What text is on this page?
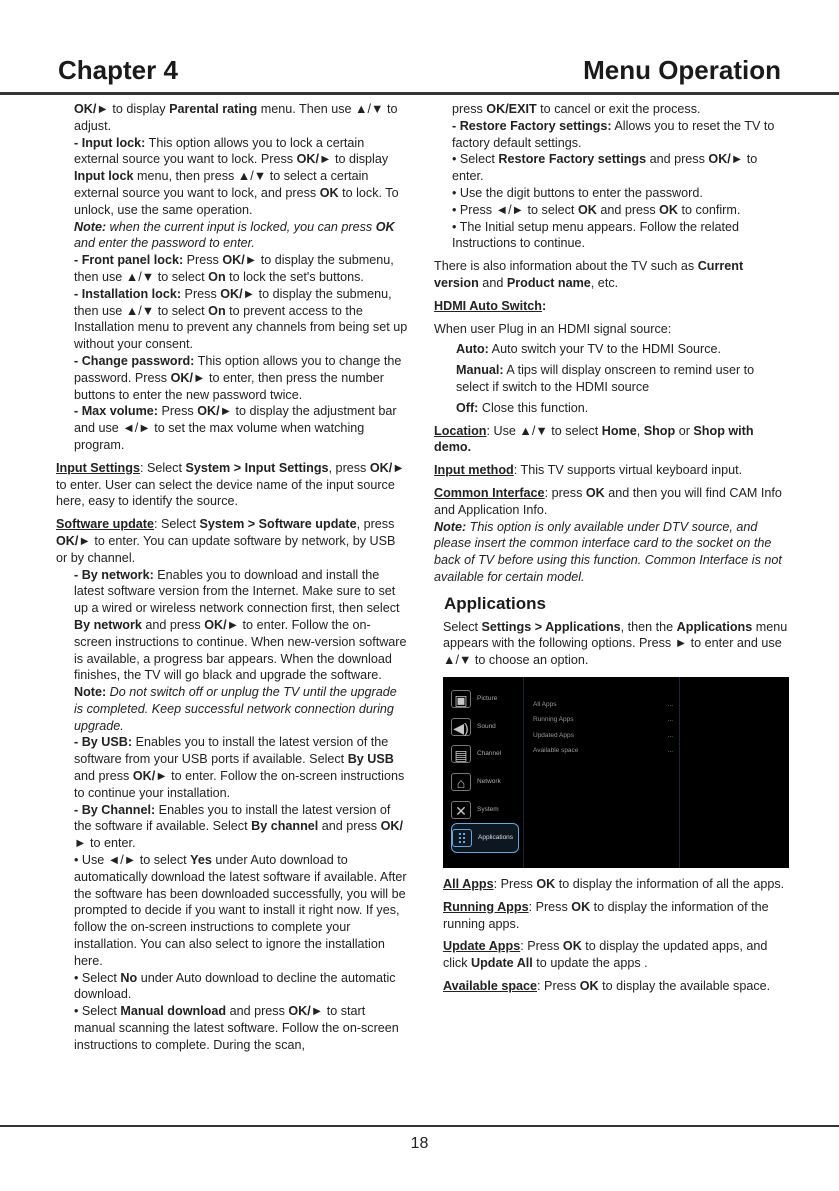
Chapter 4	Menu Operation

OK/► to display Parental rating menu. Then use ▲/▼ to adjust.

- Input lock: This option allows you to lock a certain external source you want to lock. Press OK/► to display Input lock menu, then press ▲/▼ to select a certain external source you want to lock, and press OK to lock. To unlock, use the same operation.

Note: when the current input is locked, you can press OK and enter the password to enter.

- Front panel lock: Press OK/► to display the submenu, then use ▲/▼ to select On to lock the set's buttons.

- Installation lock: Press OK/► to display the submenu, then use ▲/▼ to select On to prevent access to the Installation menu to prevent any channels from being set up without your consent.

- Change password: This option allows you to change the password. Press OK/► to enter, then press the number buttons to enter the new password twice.

- Max volume: Press OK/► to display the adjustment bar and use ◄/► to set the max volume when watching program.

Input Settings: Select System > Input Settings, press OK/► to enter. User can select the device name of the input source here, easy to identify the source.

Software update: Select System > Software update, press OK/► to enter. You can update software by network, by USB or by channel.

- By network: Enables you to download and install the latest software version from the Internet. Make sure to set up a wired or wireless network connection first, then select By network and press OK/► to enter. Follow the on-screen instructions to continue. When new-version software is available, a progress bar appears. When the download finishes, the TV will go black and upgrade the software.

Note: Do not switch off or unplug the TV until the upgrade is completed. Keep successful network connection during upgrade.

- By USB: Enables you to install the latest version of the software from your USB ports if available. Select By USB and press OK/► to enter. Follow the on-screen instructions to continue your installation.

- By Channel: Enables you to install the latest version of the software if available. Select By channel and press OK/► to enter.

• Use ◄/► to select Yes under Auto download to automatically download the latest software if available. After the software has been downloaded successfully, you will be prompted to decide if you want to install it right now. If yes, follow the on-screen instructions to complete your installation. You can also select to ignore the installation here.

• Select No under Auto download to decline the automatic download.

• Select Manual download and press OK/► to start manual scanning the latest software. Follow the on-screen instructions to complete. During the scan,

press OK/EXIT to cancel or exit the process.

- Restore Factory settings: Allows you to reset the TV to factory default settings.

• Select Restore Factory settings and press OK/► to enter.

• Use the digit buttons to enter the password.

• Press ◄/► to select OK and press OK to confirm.

• The Initial setup menu appears. Follow the related Instructions to continue.

There is also information about the TV such as Current version and Product name, etc.

HDMI Auto Switch:

When user Plug in an HDMI signal source:

Auto: Auto switch your TV to the HDMI Source.

Manual: A tips will display onscreen to remind user to select if switch to the HDMI source

Off: Close this function.

Location: Use ▲/▼ to select Home, Shop or Shop with demo.

Input method: This TV supports virtual keyboard input.

Common Interface: press OK and then you will find CAM Info and Application Info.

Note: This option is only available under DTV source, and please insert the common interface card to the socket on the back of TV before using this function. Common Interface is not available for certain model.

Applications

Select Settings > Applications, then the Applications menu appears with the following options. Press ► to enter and use ▲/▼ to choose an option.

▣	Picture
◀)	Sound
▤	Channel
⌂	Network
✕	System
⠿	Applications
All Apps	...
Running Apps	...
Updated Apps	...
Available space	...

All Apps: Press OK to display the information of all the apps.

Running Apps: Press OK to display the information of the running apps.

Update Apps: Press OK to display the updated apps, and click Update All to update the apps .

Available space: Press OK to display the available space.

18
